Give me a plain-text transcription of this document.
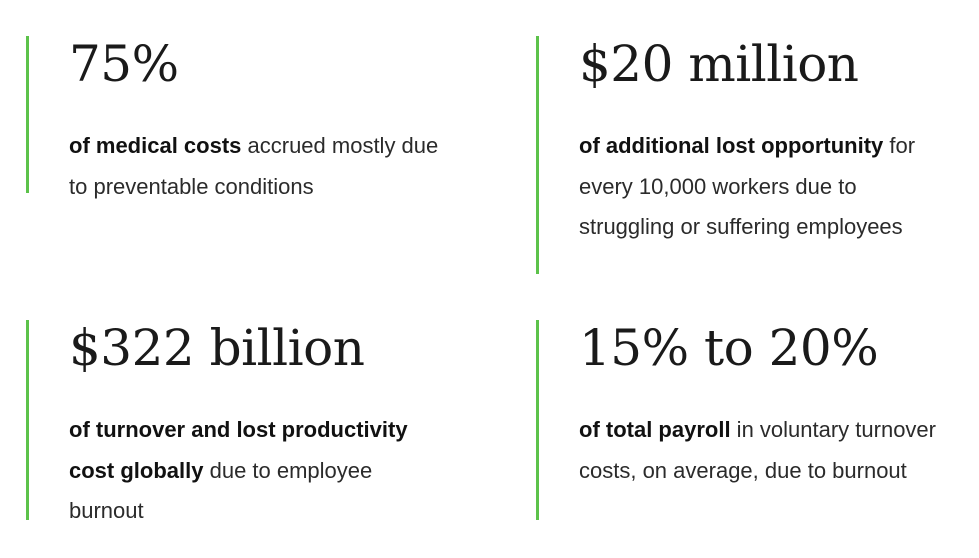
75%
of medical costs accrued mostly due to preventable conditions
$20 million
of additional lost opportunity for every 10,000 workers due to struggling or suffering employees
$322 billion
of turnover and lost productivity cost globally due to employee burnout
15% to 20%
of total payroll in voluntary turnover costs, on average, due to burnout
